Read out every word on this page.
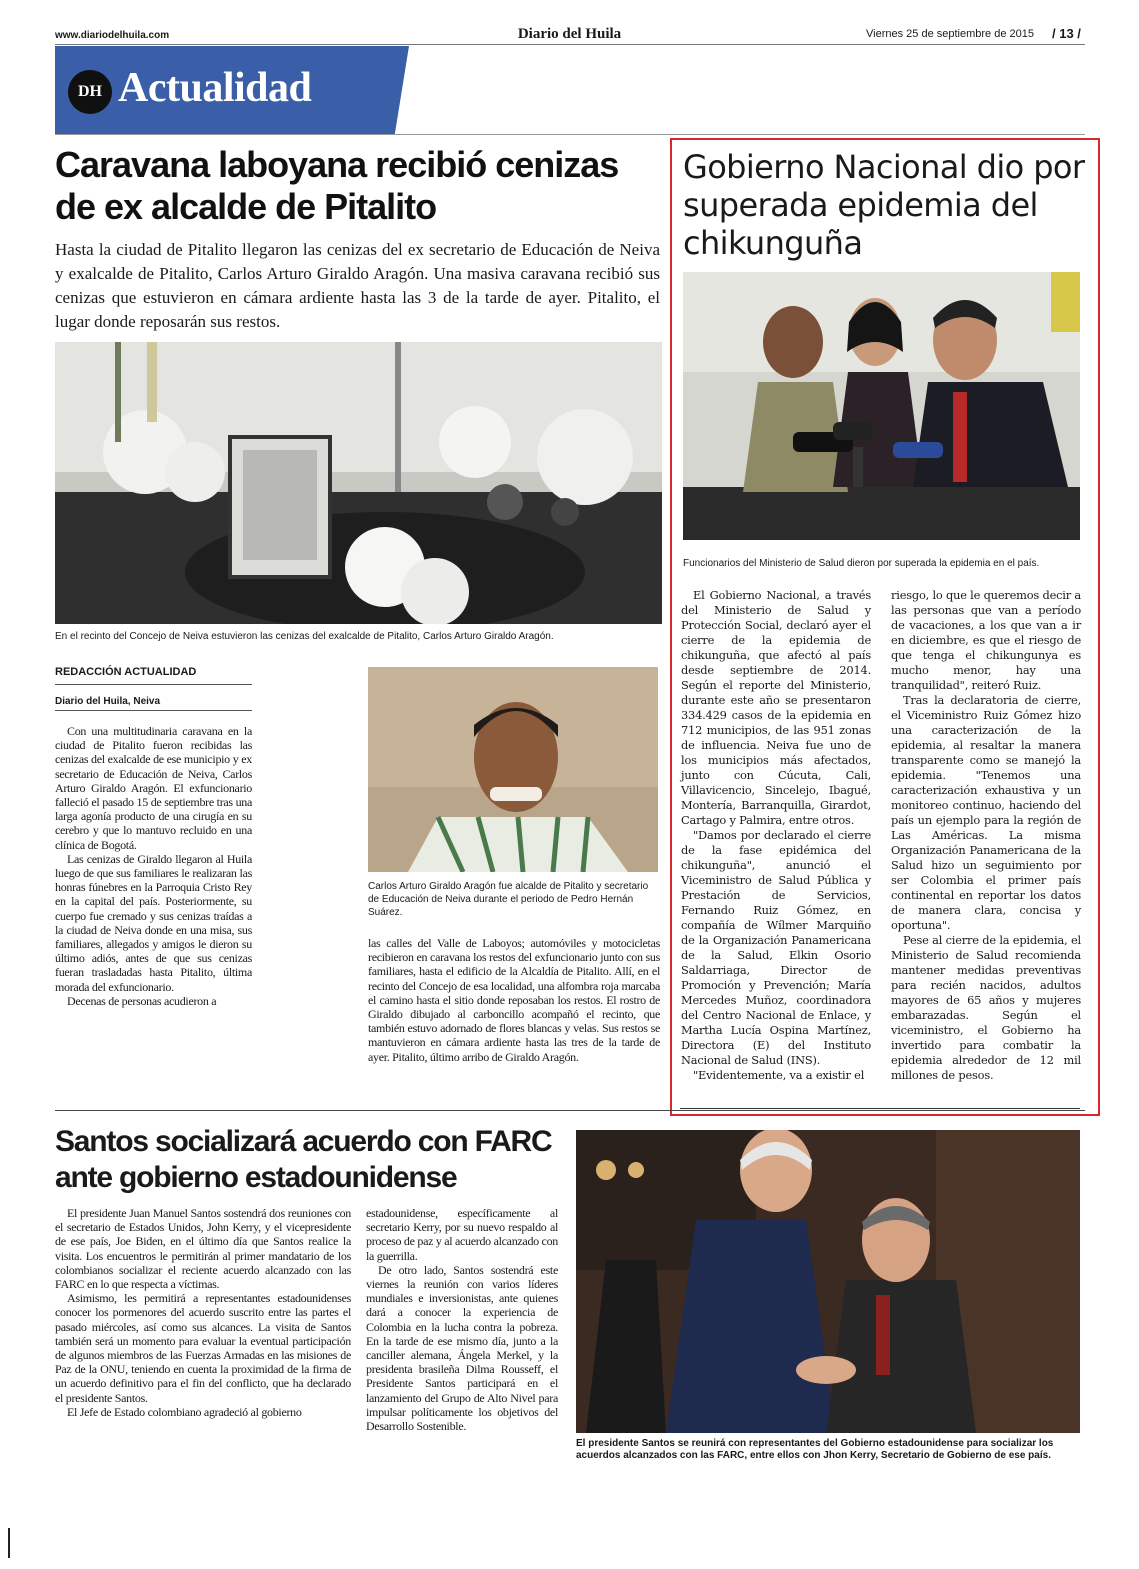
www.diariodelhuila.com	Diario del Huila	Viernes 25 de septiembre de 2015 / 13 /
DH Actualidad
Caravana laboyana recibió cenizas de ex alcalde de Pitalito
Hasta la ciudad de Pitalito llegaron las cenizas del ex secretario de Educación de Neiva y exalcalde de Pitalito, Carlos Arturo Giraldo Aragón. Una masiva caravana recibió sus cenizas que estuvieron en cámara ardiente hasta las 3 de la tarde de ayer. Pitalito, el lugar donde reposarán sus restos.
En el recinto del Concejo de Neiva estuvieron las cenizas del exalcalde de Pitalito, Carlos Arturo Giraldo Aragón.
REDACCIÓN ACTUALIDAD
Diario del Huila, Neiva

Con una multitudinaria caravana en la ciudad de Pitalito fueron recibidas las cenizas del exalcalde de ese municipio y ex secretario de Educación de Neiva, Carlos Arturo Giraldo Aragón. El exfuncionario falleció el pasado 15 de septiembre tras una larga agonía producto de una cirugía en su cerebro y que lo mantuvo recluido en una clínica de Bogotá.

Las cenizas de Giraldo llegaron al Huila luego de que sus familiares le realizaran las honras fúnebres en la Parroquia Cristo Rey en la capital del país. Posteriormente, su cuerpo fue cremado y sus cenizas traídas a la ciudad de Neiva donde en una misa, sus familiares, allegados y amigos le dieron su último adiós, antes de que sus cenizas fueran trasladadas hasta Pitalito, última morada del exfuncionario.

Decenas de personas acudieron a

Carlos Arturo Giraldo Aragón fue alcalde de Pitalito y secretario de Educación de Neiva durante el periodo de Pedro Hernán Suárez.

las calles del Valle de Laboyos; automóviles y motocicletas recibieron en caravana los restos del exfuncionario junto con sus familiares, hasta el edificio de la Alcaldía de Pitalito. Allí, en el recinto del Concejo de esa localidad, una alfombra roja marcaba el camino hasta el sitio donde reposaban los restos. El rostro de Giraldo dibujado al carboncillo acompañó el recinto, que también estuvo adornado de flores blancas y velas. Sus restos se mantuvieron en cámara ardiente hasta las tres de la tarde de ayer. Pitalito, último arribo de Giraldo Aragón.

Gobierno Nacional dio por superada epidemia del chikunguña
Funcionarios del Ministerio de Salud dieron por superada la epidemia en el país.

El Gobierno Nacional, a través del Ministerio de Salud y Protección Social, declaró ayer el cierre de la epidemia de chikunguña, que afectó al país desde septiembre de 2014. Según el reporte del Ministerio, durante este año se presentaron 334.429 casos de la epidemia en 712 municipios, de las 951 zonas de influencia. Neiva fue uno de los municipios más afectados, junto con Cúcuta, Cali, Villavicencio, Sincelejo, Ibagué, Montería, Barranquilla, Girardot, Cartago y Palmira, entre otros.

"Damos por declarado el cierre de la fase epidémica del chikunguña", anunció el Viceministro de Salud Pública y Prestación de Servicios, Fernando Ruiz Gómez, en compañía de Wílmer Marquiño de la Organización Panamericana de la Salud, Elkin Osorio Saldarriaga, Director de Promoción y Prevención; María Mercedes Muñoz, coordinadora del Centro Nacional de Enlace, y Martha Lucía Ospina Martínez, Directora (E) del Instituto Nacional de Salud (INS).

"Evidentemente, va a existir el

riesgo, lo que le queremos decir a las personas que van a período de vacaciones, a los que van a ir en diciembre, es que el riesgo de que tenga el chikungunya es mucho menor, hay una tranquilidad", reiteró Ruiz.

Tras la declaratoria de cierre, el Viceministro Ruiz Gómez hizo una caracterización de la epidemia, al resaltar la manera transparente como se manejó la epidemia. "Tenemos una caracterización exhaustiva y un monitoreo continuo, haciendo del país un ejemplo para la región de Las Américas. La misma Organización Panamericana de la Salud hizo un seguimiento por ser Colombia el primer país continental en reportar los datos de manera clara, concisa y oportuna".

Pese al cierre de la epidemia, el Ministerio de Salud recomienda mantener medidas preventivas para recién nacidos, adultos mayores de 65 años y mujeres embarazadas. Según el viceministro, el Gobierno ha invertido para combatir la epidemia alrededor de 12 mil millones de pesos.

Santos socializará acuerdo con FARC ante gobierno estadounidense

El presidente Juan Manuel Santos sostendrá dos reuniones con el secretario de Estados Unidos, John Kerry, y el vicepresidente de ese país, Joe Biden, en el último día que Santos realice la visita. Los encuentros le permitirán al primer mandatario de los colombianos socializar el reciente acuerdo alcanzado con las FARC en lo que respecta a víctimas.

Asimismo, les permitirá a representantes estadounidenses conocer los pormenores del acuerdo suscrito entre las partes el pasado miércoles, así como sus alcances. La visita de Santos también será un momento para evaluar la eventual participación de algunos miembros de las Fuerzas Armadas en las misiones de Paz de la ONU, teniendo en cuenta la proximidad de la firma de un acuerdo definitivo para el fin del conflicto, que ha declarado el presidente Santos.

El Jefe de Estado colombiano agradeció al gobierno

estadounidense, específicamente al secretario Kerry, por su nuevo respaldo al proceso de paz y al acuerdo alcanzado con la guerrilla.

De otro lado, Santos sostendrá este viernes la reunión con varios líderes mundiales e inversionistas, ante quienes dará a conocer la experiencia de Colombia en la lucha contra la pobreza. En la tarde de ese mismo día, junto a la canciller alemana, Ángela Merkel, y la presidenta brasileña Dilma Rousseff, el Presidente Santos participará en el lanzamiento del Grupo de Alto Nivel para impulsar políticamente los objetivos del Desarrollo Sostenible.

El presidente Santos se reunirá con representantes del Gobierno estadounidense para socializar los acuerdos alcanzados con las FARC, entre ellos con Jhon Kerry, Secretario de Gobierno de ese país.
